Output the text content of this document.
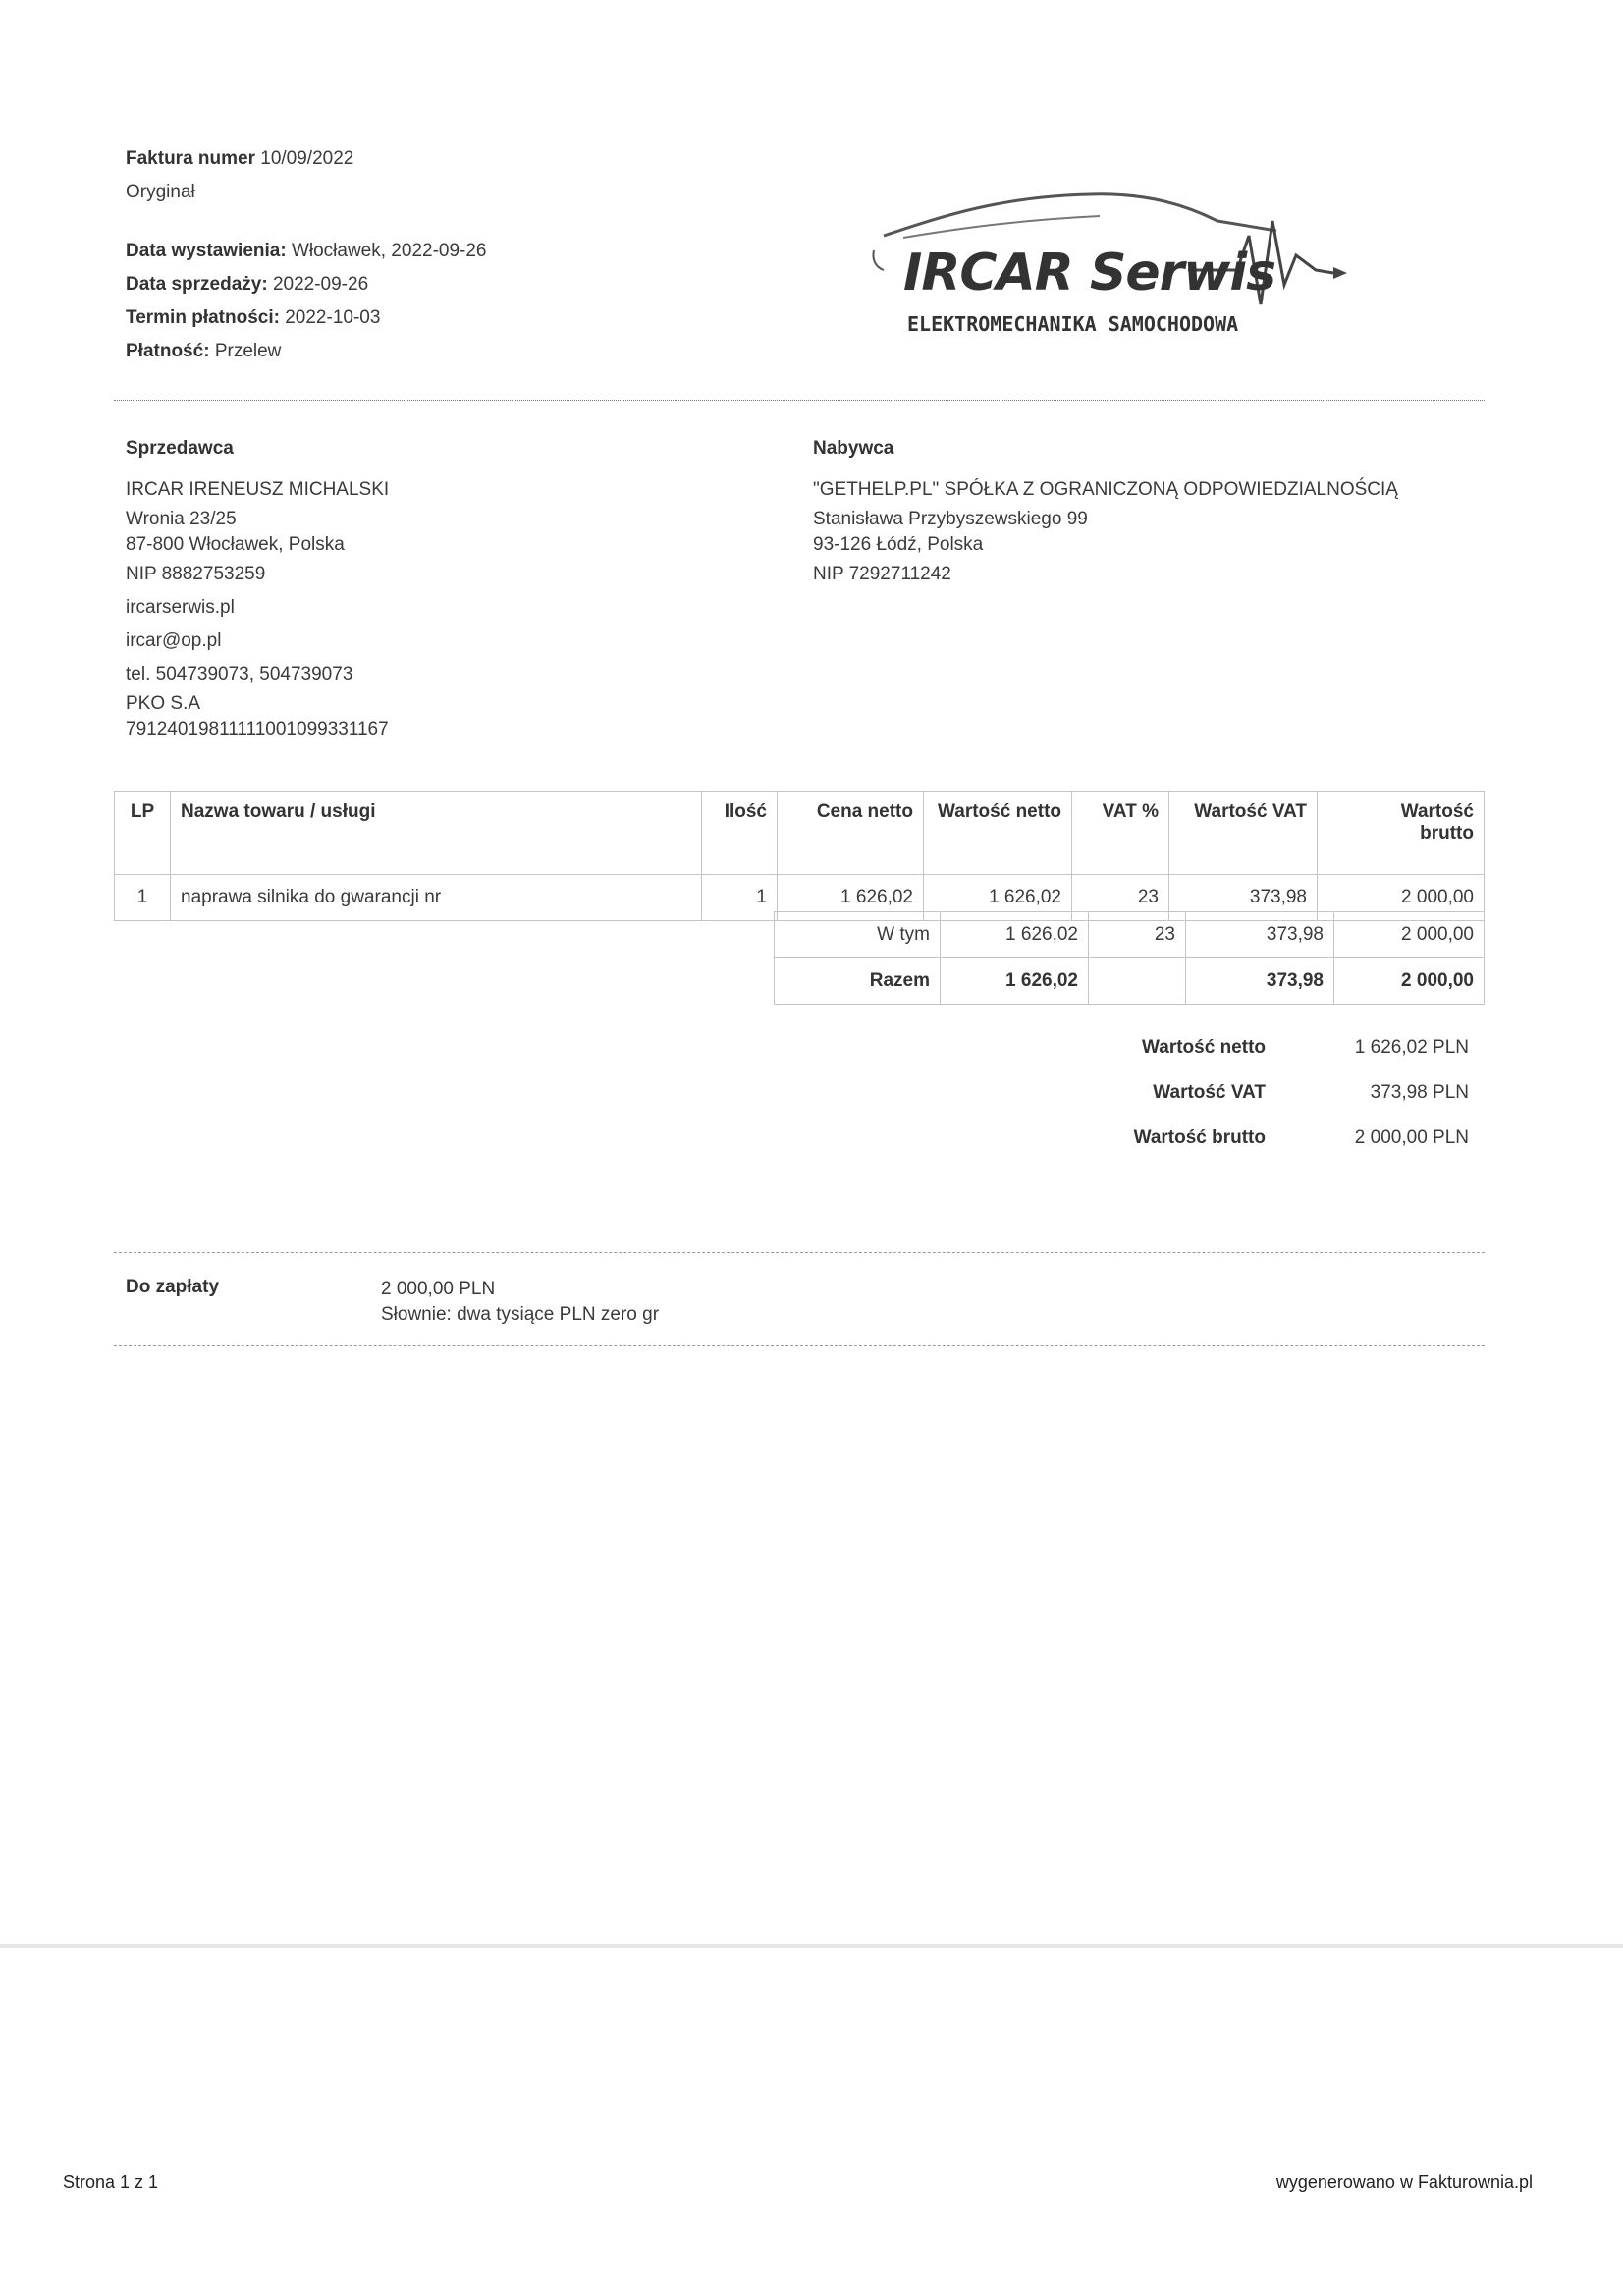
Faktura numer 10/09/2022
Oryginał
Data wystawienia: Włocławek, 2022-09-26
Data sprzedaży: 2022-09-26
Termin płatności: 2022-10-03
Płatność: Przelew
IRCAR Serwis
ELEKTROMECHANIKA SAMOCHODOWA
Sprzedawca
IRCAR IRENEUSZ MICHALSKI
Wronia 23/25
87-800 Włocławek, Polska
NIP 8882753259
ircarserwis.pl
ircar@op.pl
tel. 504739073, 504739073
PKO S.A
79124019811111001099331167
Nabywca
"GETHELP.PL" SPÓŁKA Z OGRANICZONĄ ODPOWIEDZIALNOŚCIĄ
Stanisława Przybyszewskiego 99
93-126 Łódź, Polska
NIP 7292711242
LP	Nazwa towaru / usługi	Ilość	Cena netto	Wartość netto	VAT %	Wartość VAT	Wartość
brutto

1	naprawa silnika do gwarancji nr	1	1 626,02	1 626,02	23	373,98	2 000,00
W tym	1 626,02	23	373,98	2 000,00
Razem	1 626,02		373,98	2 000,00
Wartość netto	1 626,02 PLN
Wartość VAT	373,98 PLN
Wartość brutto	2 000,00 PLN
Do zapłaty	2 000,00 PLN
Słownie: dwa tysiące PLN zero gr
Strona 1 z 1	wygenerowano w Fakturownia.pl
